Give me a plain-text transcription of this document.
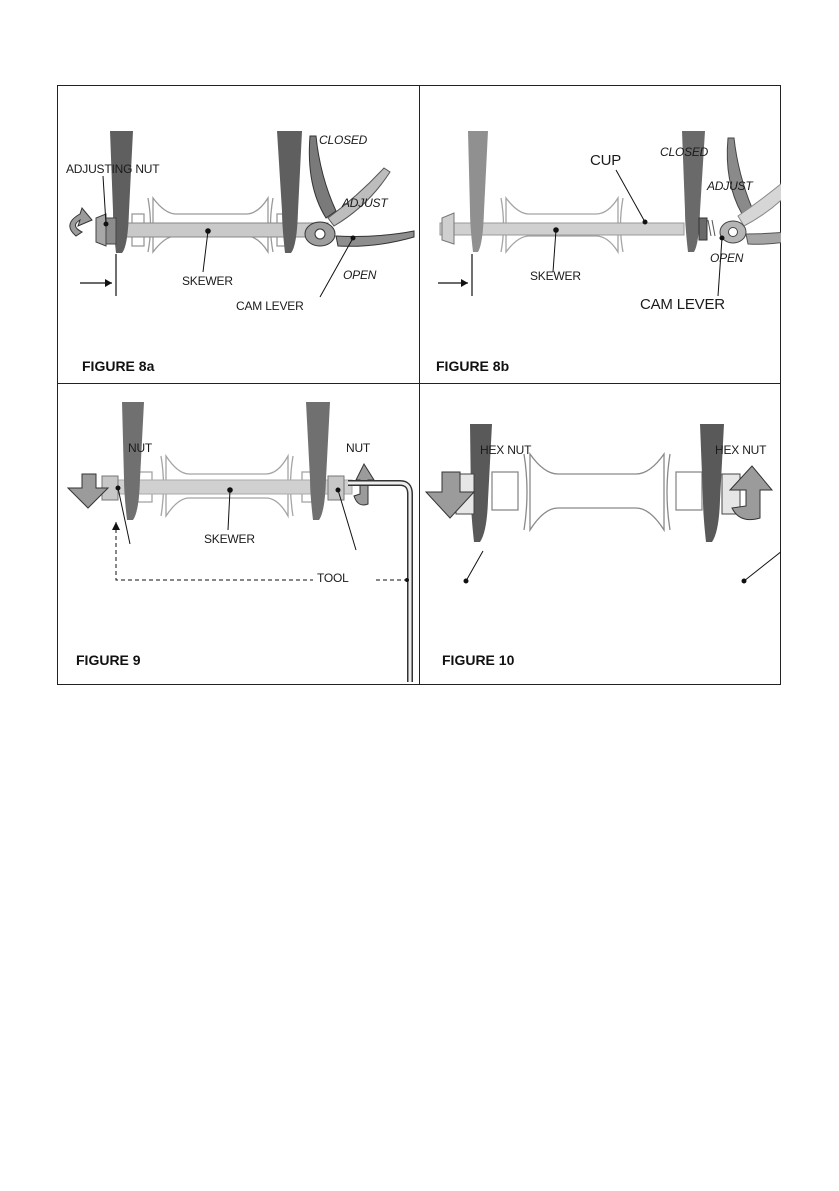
ADJUSTING NUT
CLOSED
ADJUST
OPEN
SKEWER
CAM LEVER
FIGURE 8a
CUP	CLOSED
ADJUST
OPEN
SKEWER
CAM LEVER
FIGURE 8b
NUT	NUT
SKEWER
TOOL
FIGURE 9
HEX NUT	HEX NUT
FIGURE 10
